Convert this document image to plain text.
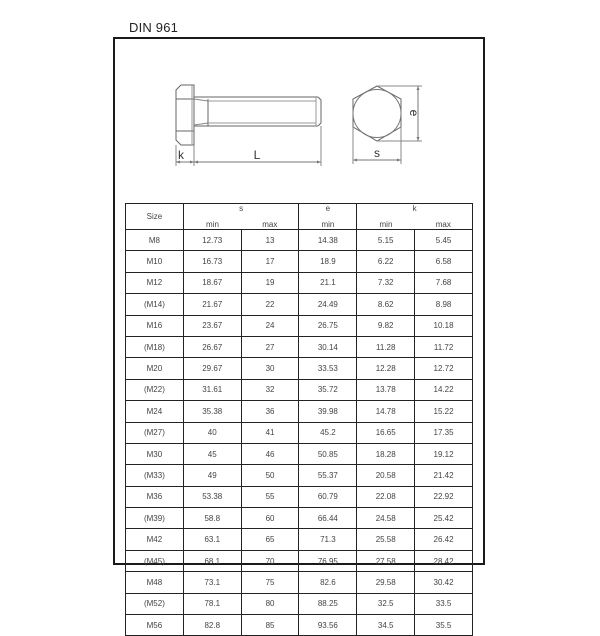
DIN 961
k	L	s
e
Size	s		e	k	
	min	max	min	min	max
M8	12.73	13	14.38	5.15	5.45
M10	16.73	17	18.9	6.22	6.58
M12	18.67	19	21.1	7.32	7.68
(M14)	21.67	22	24.49	8.62	8.98
M16	23.67	24	26.75	9.82	10.18
(M18)	26.67	27	30.14	11.28	11.72
M20	29.67	30	33.53	12.28	12.72
(M22)	31.61	32	35.72	13.78	14.22
M24	35.38	36	39.98	14.78	15.22
(M27)	40	41	45.2	16.65	17.35
M30	45	46	50.85	18.28	19.12
(M33)	49	50	55.37	20.58	21.42
M36	53.38	55	60.79	22.08	22.92
(M39)	58.8	60	66.44	24.58	25.42
M42	63.1	65	71.3	25.58	26.42
(M45)	68.1	70	76.95	27.58	28.42
M48	73.1	75	82.6	29.58	30.42
(M52)	78.1	80	88.25	32.5	33.5
M56	82.8	85	93.56	34.5	35.5
